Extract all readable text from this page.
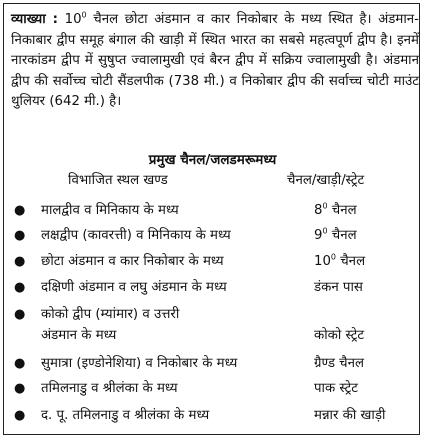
व्याख्या : $10^0$ चैनल छोटा अंडमान व कार निकोबार के मध्य स्थित है। अंडमान-निकाबार द्वीप समूह बंगाल की खाड़ी में स्थित भारत का सबसे महत्वपूर्ण द्वीप है। इनमें नारकांडम द्वीप में सुषुप्त ज्वालामुखी एवं बैरन द्वीप में सक्रिय ज्वालामुखी है। अंडमान द्वीप की सर्वोच्च चोटी सैंडलपीक (738 मी.) व निकोबार द्वीप की सर्वाच्च चोटी माउंट थुलियर (642 मी.) है।
प्रमुख चैनल/जलडमरूमध्य
विभाजित स्थल खण्ड	चैनल/खाड़ी/स्ट्रेट
● मालद्वीव व मिनिकाय के मध्य	$8^0$ चैनल
● लक्षद्वीप (कावरत्ती) व मिनिकाय के मध्य	$9^0$ चैनल
● छोटा अंडमान व कार निकोबार के मध्य	$10^0$ चैनल
● दक्षिणी अंडमान व लघु अंडमान के मध्य	डंकन पास
● कोको द्वीप (म्यांमार) व उत्तरी
अंडमान के मध्य	कोको स्ट्रेट
● सुमात्रा (इण्डोनेशिया) व निकोबार के मध्य	ग्रैण्ड चैनल
● तमिलनाडु व श्रीलंका के मध्य	पाक स्ट्रेट
● द. पू. तमिलनाडु व श्रीलंका के मध्य	मन्नार की खाड़ी
